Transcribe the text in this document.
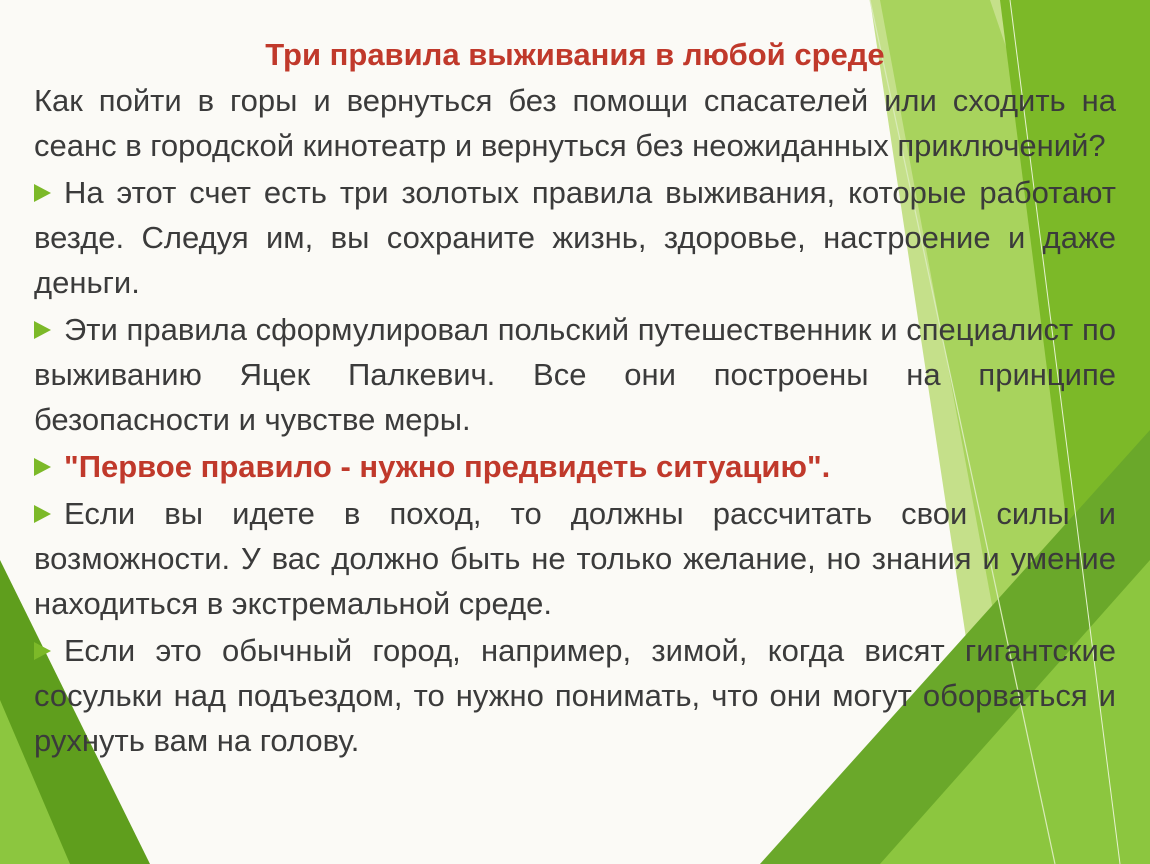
Три правила выживания в любой среде
Как пойти в горы и вернуться без помощи спасателей или сходить на сеанс в городской кинотеатр и вернуться без неожиданных приключений?
На этот счет есть три золотых правила выживания, которые работают везде. Следуя им, вы сохраните жизнь, здоровье, настроение и даже деньги.
Эти правила сформулировал польский путешественник и специалист по выживанию Яцек Палкевич. Все они построены на принципе безопасности и чувстве меры.
"Первое правило - нужно предвидеть ситуацию".
Если вы идете в поход, то должны рассчитать свои силы и возможности. У вас должно быть не только желание, но знания и умение находиться в экстремальной среде.
Если это обычный город, например, зимой, когда висят гигантские сосульки над подъездом, то нужно понимать, что они могут оборваться и рухнуть вам на голову.
